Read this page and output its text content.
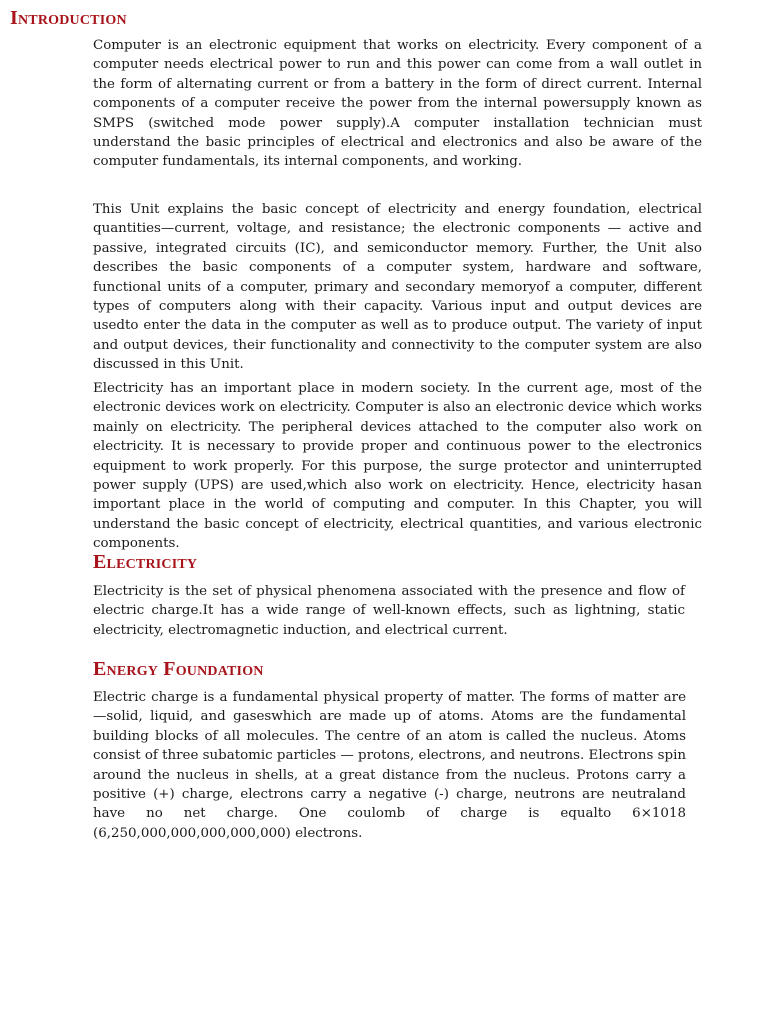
Introduction

Computer is an electronic equipment that works on electricity. Every component of a computer needs electrical power to run and this power can come from a wall outlet in the form of alternating current or from a battery in the form of direct current. Internal components of a computer receive the power from the internal powersupply known as SMPS (switched mode power supply).A computer installation technician must understand the basic principles of electrical and electronics and also be aware of the computer fundamentals, its internal components, and working.

This Unit explains the basic concept of electricity and energy foundation, electrical quantities—current, voltage, and resistance; the electronic components — active and passive, integrated circuits (IC), and semiconductor memory. Further, the Unit also describes the basic components of a computer system, hardware and software, functional units of a computer, primary and secondary memoryof a computer, different types of computers along with their capacity. Various input and output devices are usedto enter the data in the computer as well as to produce output. The variety of input and output devices, their functionality and connectivity to the computer system are also discussed in this Unit.

Electricity has an important place in modern society. In the current age, most of the electronic devices work on electricity. Computer is also an electronic device which works mainly on electricity. The peripheral devices attached to the computer also work on electricity. It is necessary to provide proper and continuous power to the electronics equipment to work properly. For this purpose, the surge protector and uninterrupted power supply (UPS) are used,which also work on electricity. Hence, electricity hasan important place in the world of computing and computer. In this Chapter, you will understand the basic concept of electricity, electrical quantities, and various electronic components.

Electricity

Electricity is the set of physical phenomena associated with the presence and flow of electric charge.It has a wide range of well-known effects, such as lightning, static electricity, electromagnetic induction, and electrical current.

Energy Foundation

Electric charge is a fundamental physical property of matter. The forms of matter are—solid, liquid, and gaseswhich are made up of atoms. Atoms are the fundamental building blocks of all molecules. The centre of an atom is called the nucleus. Atoms consist of three subatomic particles — protons, electrons, and neutrons. Electrons spin around the nucleus in shells, at a great distance from the nucleus. Protons carry a positive (+) charge, electrons carry a negative (-) charge, neutrons are neutraland have no net charge. One coulomb of charge is equalto 6×1018 (6,250,000,000,000,000,000) electrons.
